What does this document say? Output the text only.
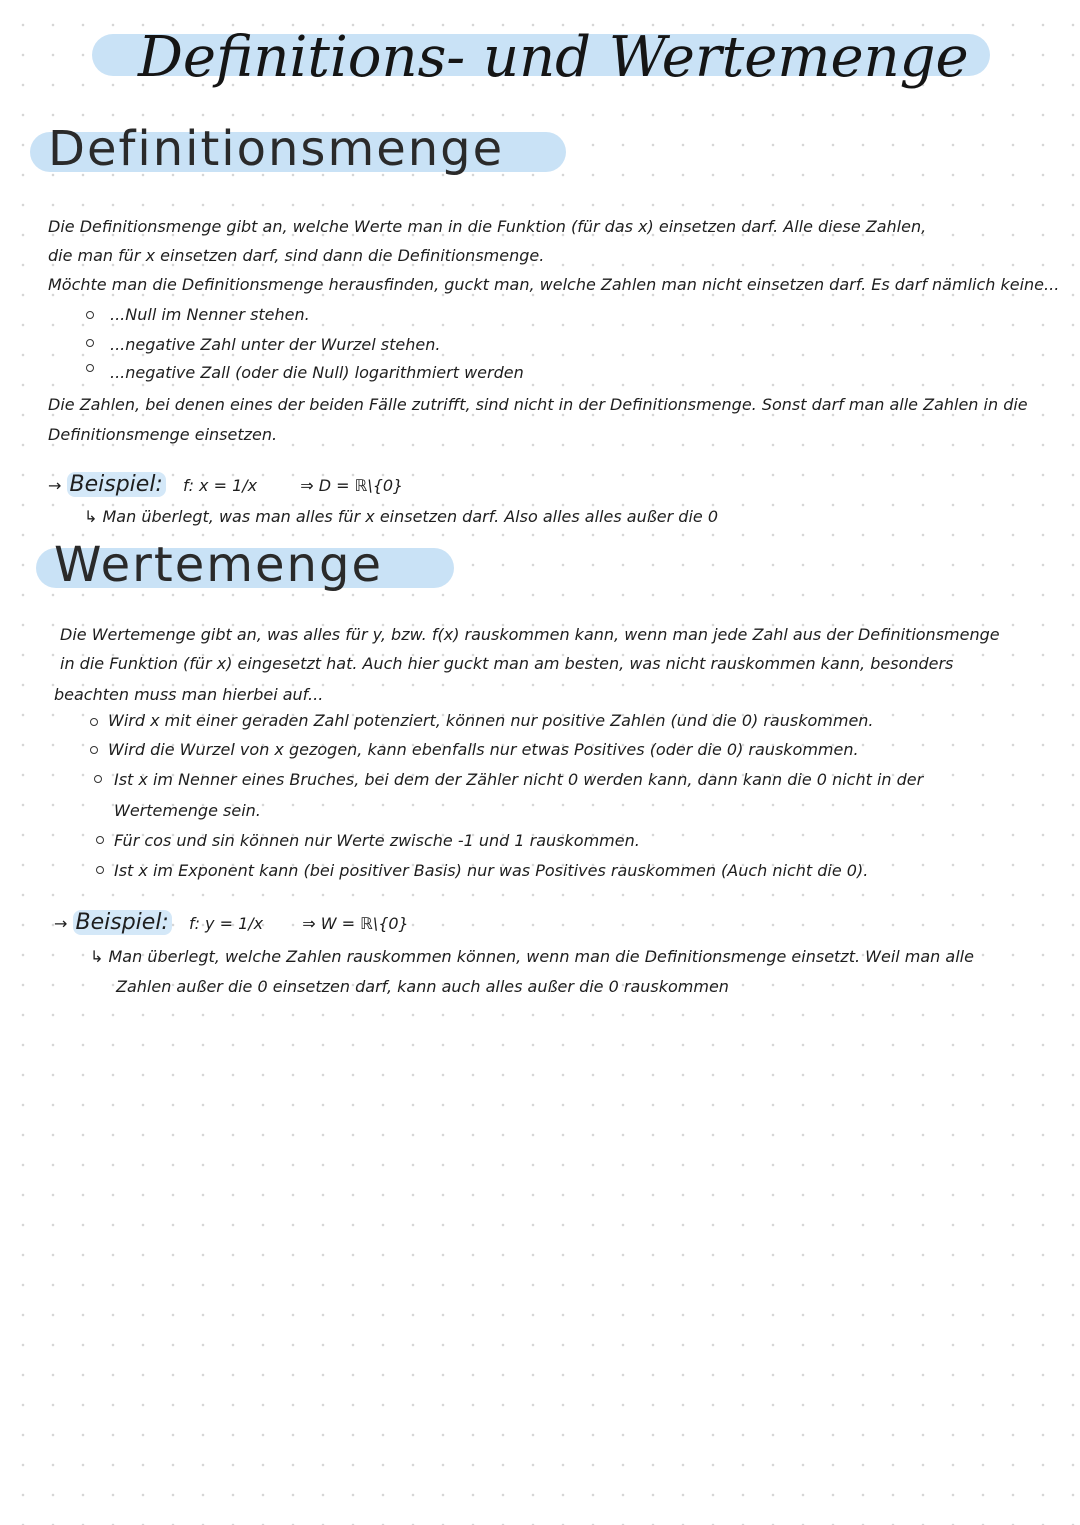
Definitions- und Wertemenge
Definitionsmenge
Die Definitionsmenge gibt an, welche Werte man in die Funktion (für das x) einsetzen darf. Alle diese Zahlen,
die man für x einsetzen darf, sind dann die Definitionsmenge.
Möchte man die Definitionsmenge herausfinden, guckt man, welche Zahlen man nicht einsetzen darf. Es darf nämlich keine...
...Null im Nenner stehen.
...negative Zahl unter der Wurzel stehen.
...negative Zall (oder die Null) logarithmiert werden
Die Zahlen, bei denen eines der beiden Fälle zutrifft, sind nicht in der Definitionsmenge. Sonst darf man alle Zahlen in die
Definitionsmenge einsetzen.
→ Beispiel: f: x = 1/x	⇒ D = ℝ\{0}
↳ Man überlegt, was man alles für x einsetzen darf. Also alles alles außer die 0
Wertemenge
Die Wertemenge gibt an, was alles für y, bzw. f(x) rauskommen kann, wenn man jede Zahl aus der Definitionsmenge
in die Funktion (für x) eingesetzt hat. Auch hier guckt man am besten, was nicht rauskommen kann, besonders
beachten muss man hierbei auf...
Wird x mit einer geraden Zahl potenziert, können nur positive Zahlen (und die 0) rauskommen.
Wird die Wurzel von x gezogen, kann ebenfalls nur etwas Positives (oder die 0) rauskommen.
Ist x im Nenner eines Bruches, bei dem der Zähler nicht 0 werden kann, dann kann die 0 nicht in der
Wertemenge sein.
Für cos und sin können nur Werte zwische -1 und 1 rauskommen.
Ist x im Exponent kann (bei positiver Basis) nur was Positives rauskommen (Auch nicht die 0).
→ Beispiel: f: y = 1/x ⇒ W = ℝ\{0}
↳ Man überlegt, welche Zahlen rauskommen können, wenn man die Definitionsmenge einsetzt. Weil man alle
Zahlen außer die 0 einsetzen darf, kann auch alles außer die 0 rauskommen
